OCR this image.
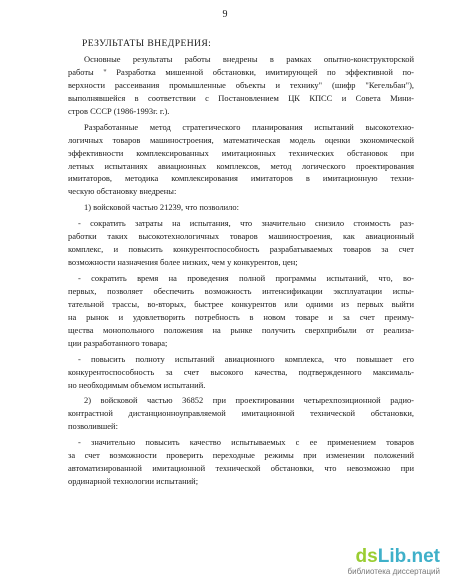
9
РЕЗУЛЬТАТЫ ВНЕДРЕНИЯ:
Основные результаты работы внедрены в рамках опытно-конструкторской
работы " Разработка мишенной обстановки, имитирующей по эффективной по-
верхности рассеивания промышленные объекты и технику" (шифр "Кегельбан"),
выполнявшейся в соответствии с Постановлением ЦК КПСС и Совета Мини-
стров СССР (1986-1993г. г.).
Разработанные метод стратегического планирования испытаний высокотехно-
логичных товаров машиностроения, математическая модель оценки экономической
эффективности комплексированных имитационных технических обстановок при
летных испытаниях авиационных комплексов, метод логического проектирования
имитаторов, методика комплексирования имитаторов в имитационную техни-
ческую обстановку внедрены:
1) войсковой частью 21239, что позволило:
- сократить затраты на испытания, что значительно снизило стоимость раз-
работки таких высокотехнологичных товаров машиностроения, как авиационный
комплекс, и повысить конкурентоспособность разрабатываемых товаров за счет
возможности назначения более низких, чем у конкурентов, цен;
- сократить время на проведения полной программы испытаний, что, во-
первых, позволяет обеспечить возможность интенсификации эксплуатации испы-
тательной трассы, во-вторых, быстрее конкурентов или одними из первых выйти
на рынок и удовлетворить потребность в новом товаре и за счет преиму-
щества монопольного положения на рынке получить сверхприбыли от реализа-
ции разработанного товара;
- повысить полноту испытаний авиационного комплекса, что повышает его
конкурентоспособность за счет высокого качества, подтвержденного максималь-
но необходимым объемом испытаний.
2) войсковой частью 36852 при проектировании четырехпозиционной радио-
контрастной дистанционноуправляемой имитационной технической обстановки,
позволившей:
- значительно повысить качество испытываемых с ее применением товаров
за счет возможности проверить переходные режимы при изменении положений
автоматизированной имитационной технической обстановки, что невозможно при
ординарной технологии испытаний;
dsLib.net
библиотека диссертаций
